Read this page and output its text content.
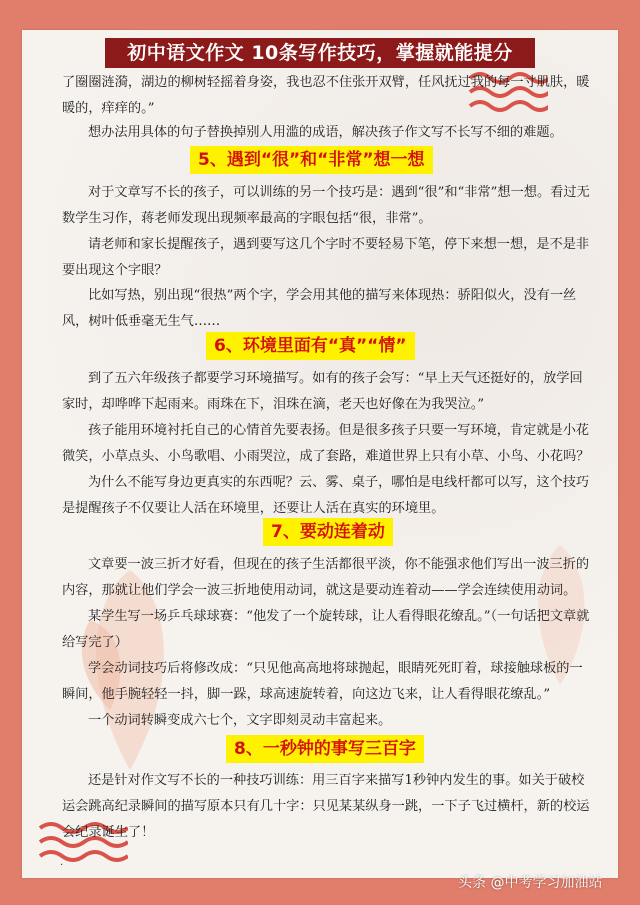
初中语文作文 10条写作技巧，掌握就能提分

了圈圈涟漪，湖边的柳树轻摇着身姿，我也忍不住张开双臂，任风抚过我的每一寸肌肤，暖暖的，痒痒的。”

想办法用具体的句子替换掉别人用滥的成语，解决孩子作文写不长写不细的难题。

5、遇到“很”和“非常”想一想

对于文章写不长的孩子，可以训练的另一个技巧是：遇到“很”和“非常”想一想。看过无数学生习作，蒋老师发现出现频率最高的字眼包括“很，非常”。

请老师和家长提醒孩子，遇到要写这几个字时不要轻易下笔，停下来想一想，是不是非要出现这个字眼？

比如写热，别出现“很热”两个字，学会用其他的描写来体现热：骄阳似火，没有一丝风，树叶低垂毫无生气……

6、环境里面有“真”“情”

到了五六年级孩子都要学习环境描写。如有的孩子会写：“早上天气还挺好的，放学回家时，却哗哗下起雨来。雨珠在下，泪珠在滴，老天也好像在为我哭泣。”

孩子能用环境衬托自己的心情首先要表扬。但是很多孩子只要一写环境，肯定就是小花微笑，小草点头、小鸟歌唱、小雨哭泣，成了套路，难道世界上只有小草、小鸟、小花吗？

为什么不能写身边更真实的东西呢？云、雾、桌子，哪怕是电线杆都可以写，这个技巧是提醒孩子不仅要让人活在环境里，还要让人活在真实的环境里。

7、要动连着动

文章要一波三折才好看，但现在的孩子生活都很平淡，你不能强求他们写出一波三折的内容，那就让他们学会一波三折地使用动词，就这是要动连着动——学会连续使用动词。

某学生写一场乒乓球球赛：“他发了一个旋转球，让人看得眼花缭乱。”（一句话把文章就给写完了）

学会动词技巧后将修改成：“只见他高高地将球抛起，眼睛死死盯着，球接触球板的一瞬间，他手腕轻轻一抖，脚一跺，球高速旋转着，向这边飞来，让人看得眼花缭乱。”

一个动词转瞬变成六七个，文字即刻灵动丰富起来。

8、一秒钟的事写三百字

还是针对作文写不长的一种技巧训练：用三百字来描写1秒钟内发生的事。如关于破校运会跳高纪录瞬间的描写原本只有几十字：只见某某纵身一跳，一下子飞过横杆，新的校运会纪录诞生了！

.
头条 @中考学习加油站
